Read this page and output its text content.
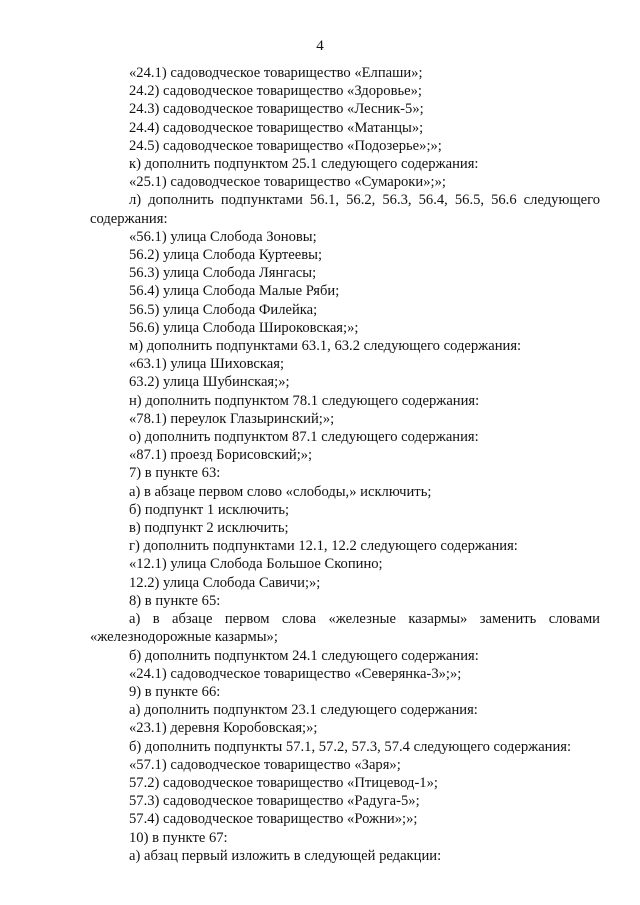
4
«24.1) садоводческое товарищество «Елпаши»;
24.2) садоводческое товарищество «Здоровье»;
24.3) садоводческое товарищество «Лесник-5»;
24.4) садоводческое товарищество «Матанцы»;
24.5) садоводческое товарищество «Подозерье»;»;
к) дополнить подпунктом 25.1 следующего содержания:
«25.1) садоводческое товарищество «Сумароки»;»;
л) дополнить подпунктами 56.1, 56.2, 56.3, 56.4, 56.5, 56.6 следующего содержания:
«56.1) улица Слобода Зоновы;
56.2) улица Слобода Куртеевы;
56.3) улица Слобода Лянгасы;
56.4) улица Слобода Малые Ряби;
56.5) улица Слобода Филейка;
56.6) улица Слобода Широковская;»;
м) дополнить подпунктами 63.1, 63.2 следующего содержания:
«63.1) улица Шиховская;
63.2) улица Шубинская;»;
н) дополнить подпунктом 78.1 следующего содержания:
«78.1) переулок Глазыринский;»;
о) дополнить подпунктом 87.1 следующего содержания:
«87.1) проезд Борисовский;»;
7) в пункте 63:
а) в абзаце первом слово «слободы,» исключить;
б) подпункт 1 исключить;
в) подпункт 2 исключить;
г) дополнить подпунктами 12.1, 12.2 следующего содержания:
«12.1) улица Слобода Большое Скопино;
12.2) улица Слобода Савичи;»;
8) в пункте 65:
а) в абзаце первом слова «железные казармы» заменить словами «железнодорожные казармы»;
б) дополнить подпунктом 24.1 следующего содержания:
«24.1) садоводческое товарищество «Северянка-3»;»;
9) в пункте 66:
а) дополнить подпунктом 23.1 следующего содержания:
«23.1) деревня Коробовская;»;
б) дополнить подпункты 57.1, 57.2, 57.3, 57.4 следующего содержания:
«57.1) садоводческое товарищество «Заря»;
57.2) садоводческое товарищество «Птицевод-1»;
57.3) садоводческое товарищество «Радуга-5»;
57.4) садоводческое товарищество «Рожни»;»;
10) в пункте 67:
а) абзац первый изложить в следующей редакции:
